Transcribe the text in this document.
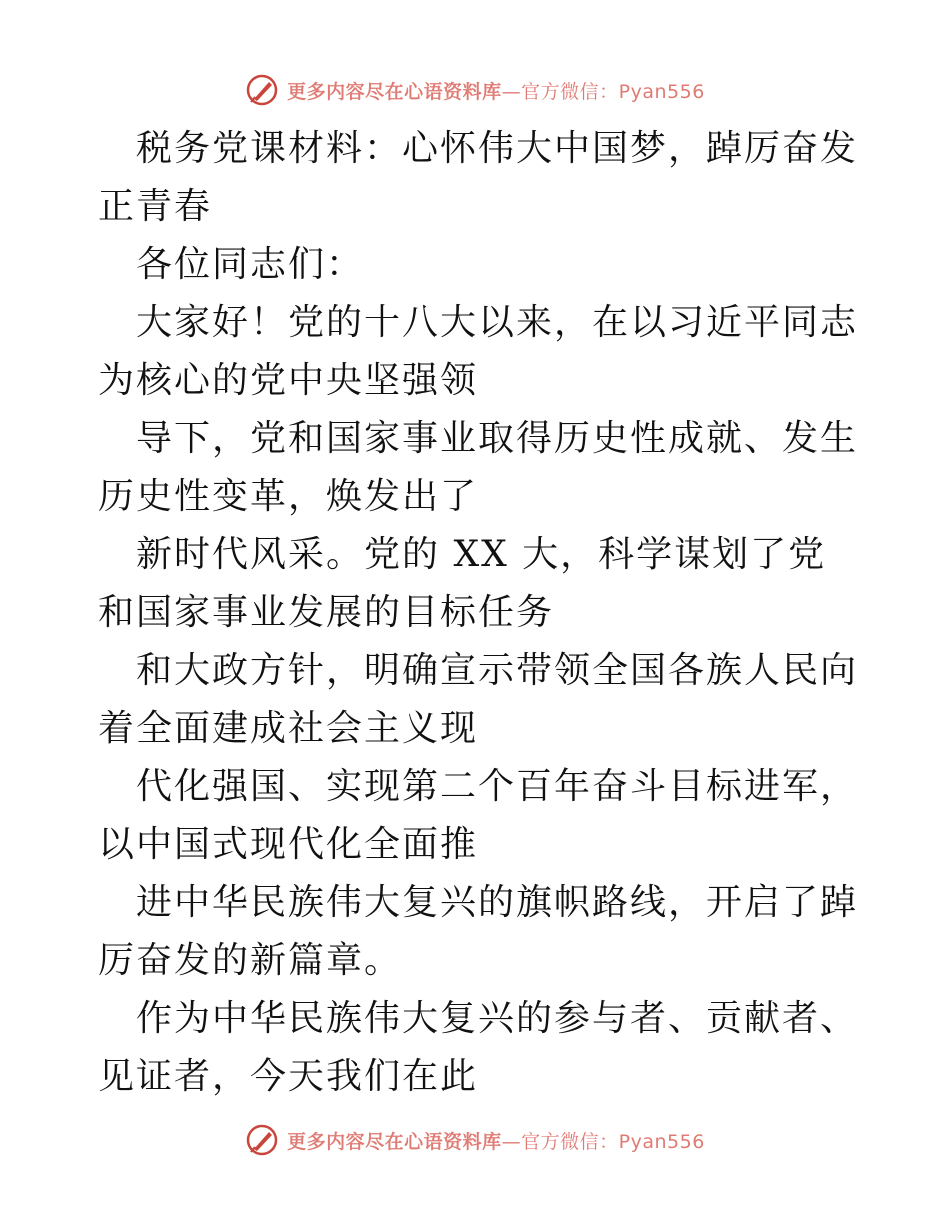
更多内容尽在心语资料库—官方微信：Pyan556

税务党课材料：心怀伟大中国梦，踔厉奋发正青春

各位同志们：

大家好！党的十八大以来，在以习近平同志为核心的党中央坚强领

导下，党和国家事业取得历史性成就、发生历史性变革，焕发出了

新时代风采。党的 XX 大，科学谋划了党和国家事业发展的目标任务

和大政方针，明确宣示带领全国各族人民向着全面建成社会主义现

代化强国、实现第二个百年奋斗目标进军，以中国式现代化全面推

进中华民族伟大复兴的旗帜路线，开启了踔厉奋发的新篇章。

作为中华民族伟大复兴的参与者、贡献者、见证者，今天我们在此

更多内容尽在心语资料库—官方微信：Pyan556
